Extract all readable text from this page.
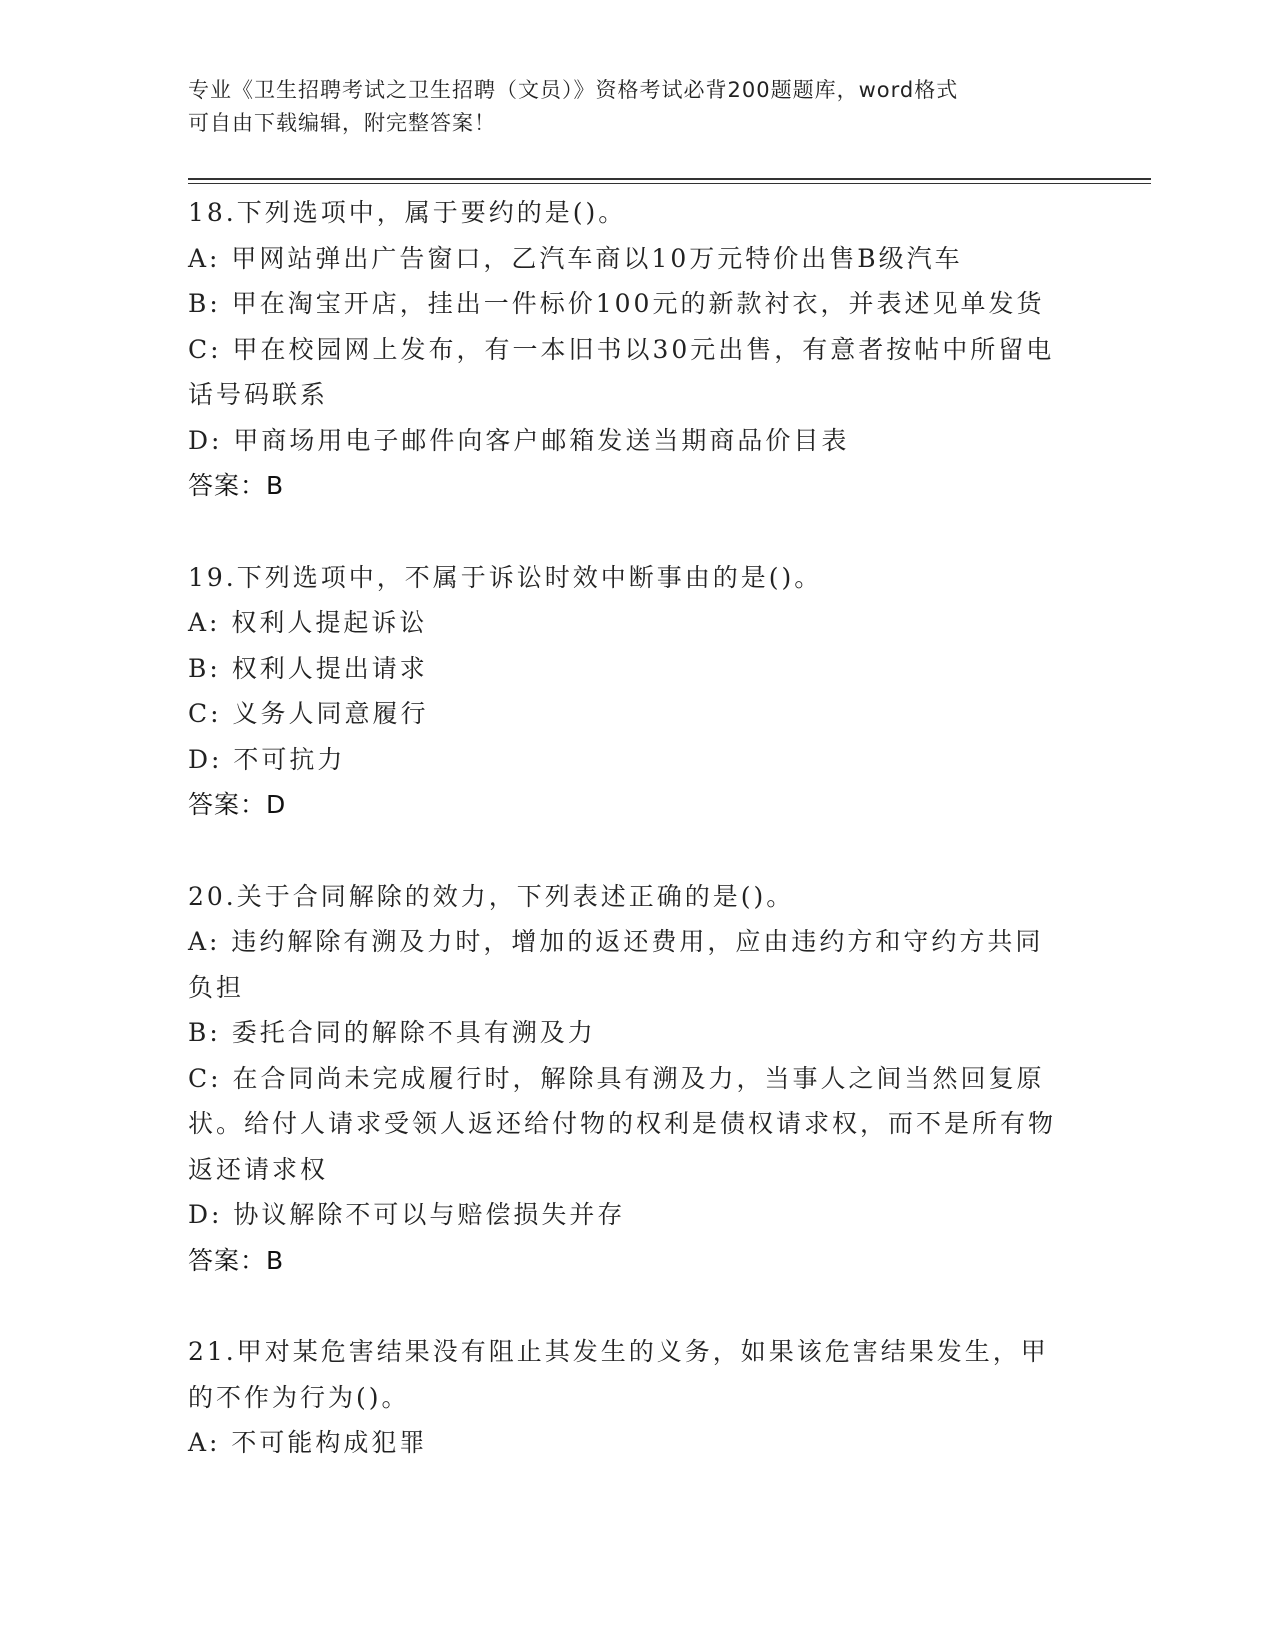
专业《卫生招聘考试之卫生招聘（文员）》资格考试必背200题题库，word格式
可自由下载编辑，附完整答案！
18.下列选项中，属于要约的是()。
A: 甲网站弹出广告窗口，乙汽车商以10万元特价出售B级汽车
B: 甲在淘宝开店，挂出一件标价100元的新款衬衣，并表述见单发货
C: 甲在校园网上发布，有一本旧书以30元出售，有意者按帖中所留电话号码联系
D: 甲商场用电子邮件向客户邮箱发送当期商品价目表
答案：B
19.下列选项中，不属于诉讼时效中断事由的是()。
A: 权利人提起诉讼
B: 权利人提出请求
C: 义务人同意履行
D: 不可抗力
答案：D
20.关于合同解除的效力，下列表述正确的是()。
A: 违约解除有溯及力时，增加的返还费用，应由违约方和守约方共同负担
B: 委托合同的解除不具有溯及力
C: 在合同尚未完成履行时，解除具有溯及力，当事人之间当然回复原状。给付人请求受领人返还给付物的权利是债权请求权，而不是所有物返还请求权
D: 协议解除不可以与赔偿损失并存
答案：B
21.甲对某危害结果没有阻止其发生的义务，如果该危害结果发生，甲的不作为行为()。
A: 不可能构成犯罪
